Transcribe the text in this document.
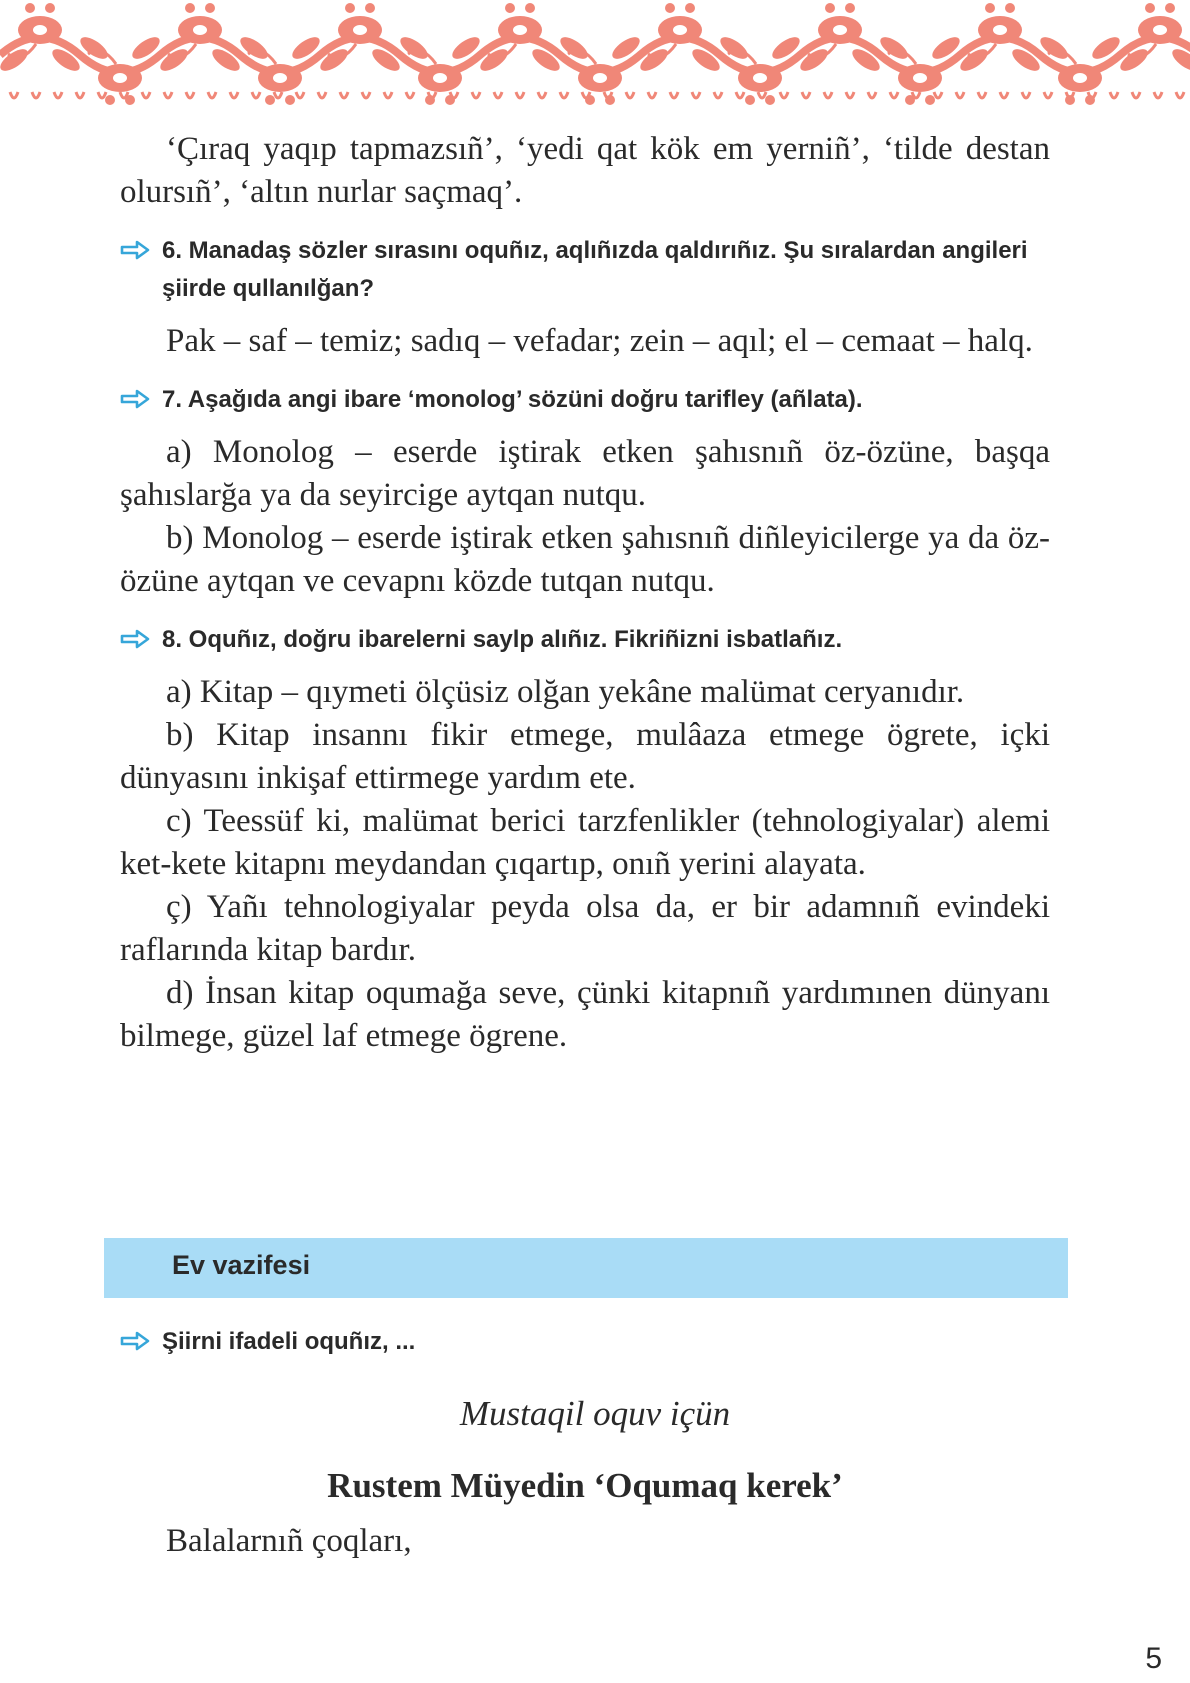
‘Çıraq yaqıp tapmazsıñ’, ‘yedi qat kök em yerniñ’, ‘tilde destan olursıñ’, ‘altın nurlar saçmaq’.

6. Manadaş sözler sırasını oquñız, aqlıñızda qaldırıñız. Şu sıralardan angileri şiirde qullanılğan?

Pak – saf – temiz; sadıq – vefadar; zein – aqıl; el – cemaat – halq.

7. Aşağıda angi ibare ‘monolog’ sözüni doğru tarifley (añlata).

a) Monolog – eserde iştirak etken şahısnıñ öz-özüne, başqa şahıslarğa ya da seyircige aytqan nutqu.

b) Monolog – eserde iştirak etken şahısnıñ diñleyicilerge ya da öz-özüne aytqan ve cevapnı közde tutqan nutqu.

8. Oquñız, doğru ibarelerni saylp alıñız. Fikriñizni isbatlañız.

a) Kitap – qıymeti ölçüsiz olğan yekâne malümat ceryanıdır.

b) Kitap insannı fikir etmege, mulâaza etmege ögrete, içki dünyasını inkişaf ettirmege yardım ete.

c) Teessüf ki, malümat berici tarzfenlikler (tehnologiyalar) alemi ket-kete kitapnı meydandan çıqartıp, onıñ yerini alayata.

ç) Yañı tehnologiyalar peyda olsa da, er bir adamnıñ evindeki raflarında kitap bardır.

d) İnsan kitap oqumağa seve, çünki kitapnıñ yardımınen dünyanı bilmege, güzel laf etmege ögrene.

Ev vazifesi
Şiirni ifadeli oquñız, ...
Mustaqil oquv içün
Rustem Müyedin ‘Oqumaq kerek’
Balalarnıñ çoqları,
5
